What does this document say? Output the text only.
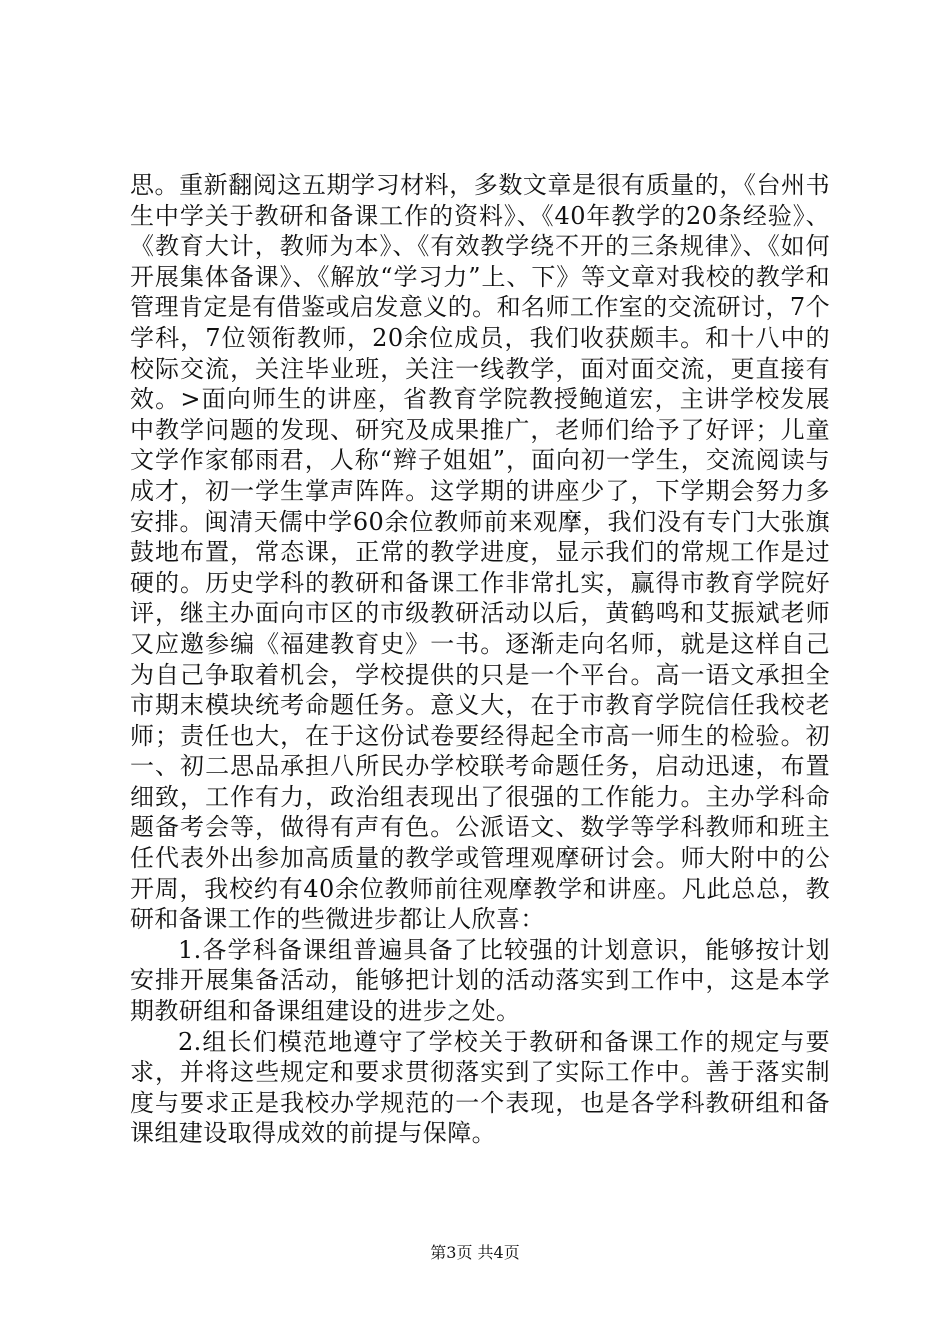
思。重新翻阅这五期学习材料，多数文章是很有质量的，《台州书生中学关于教研和备课工作的资料》、《40年教学的20条经验》、《教育大计，教师为本》、《有效教学绕不开的三条规律》、《如何开展集体备课》、《解放“学习力”上、下》等文章对我校的教学和管理肯定是有借鉴或启发意义的。和名师工作室的交流研讨，7个学科，7位领衔教师，20余位成员，我们收获颇丰。和十八中的校际交流，关注毕业班，关注一线教学，面对面交流，更直接有效。>面向师生的讲座，省教育学院教授鲍道宏，主讲学校发展中教学问题的发现、研究及成果推广，老师们给予了好评；儿童文学作家郁雨君，人称“辫子姐姐”，面向初一学生，交流阅读与成才，初一学生掌声阵阵。这学期的讲座少了，下学期会努力多安排。闽清天儒中学60余位教师前来观摩，我们没有专门大张旗鼓地布置，常态课，正常的教学进度，显示我们的常规工作是过硬的。历史学科的教研和备课工作非常扎实，赢得市教育学院好评，继主办面向市区的市级教研活动以后，黄鹤鸣和艾振斌老师又应邀参编《福建教育史》一书。逐渐走向名师，就是这样自己为自己争取着机会，学校提供的只是一个平台。高一语文承担全市期末模块统考命题任务。意义大，在于市教育学院信任我校老师；责任也大，在于这份试卷要经得起全市高一师生的检验。初一、初二思品承担八所民办学校联考命题任务，启动迅速，布置细致，工作有力，政治组表现出了很强的工作能力。主办学科命题备考会等，做得有声有色。公派语文、数学等学科教师和班主任代表外出参加高质量的教学或管理观摩研讨会。师大附中的公开周，我校约有40余位教师前往观摩教学和讲座。凡此总总，教研和备课工作的些微进步都让人欣喜：

1.各学科备课组普遍具备了比较强的计划意识，能够按计划安排开展集备活动，能够把计划的活动落实到工作中，这是本学期教研组和备课组建设的进步之处。

2.组长们模范地遵守了学校关于教研和备课工作的规定与要求，并将这些规定和要求贯彻落实到了实际工作中。善于落实制度与要求正是我校办学规范的一个表现，也是各学科教研组和备课组建设取得成效的前提与保障。

第3页 共4页
